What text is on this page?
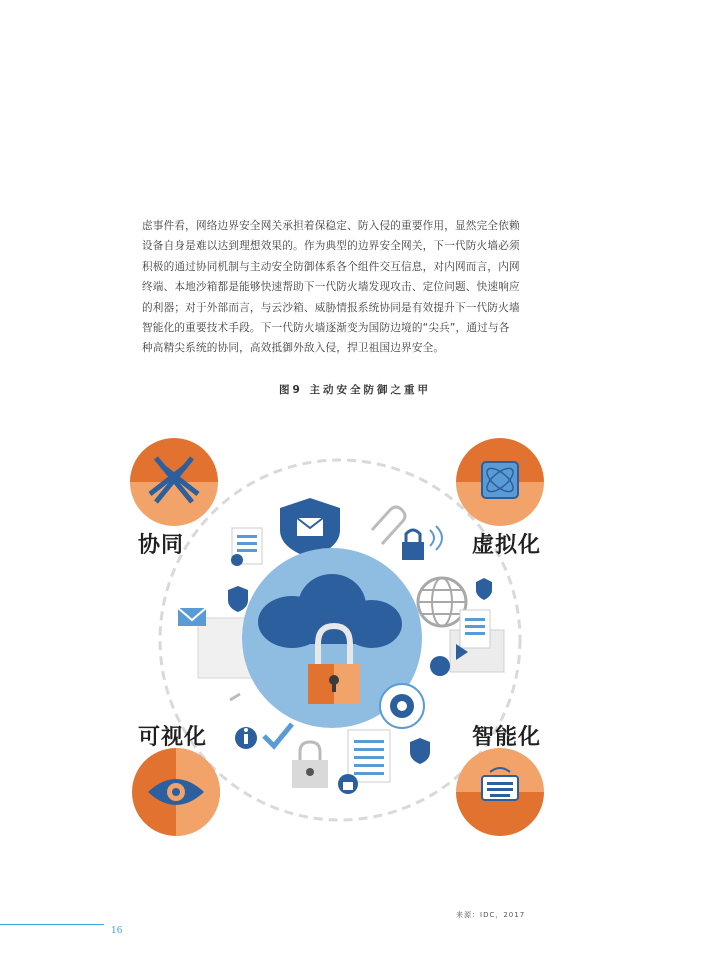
虑事件看，网络边界安全网关承担着保稳定、防入侵的重要作用，显然完全依赖
设备自身是难以达到理想效果的。作为典型的边界安全网关，下一代防火墙必须
积极的通过协同机制与主动安全防御体系各个组件交互信息，对内网而言，内网
终端、本地沙箱都是能够快速帮助下一代防火墙发现攻击、定位问题、快速响应
的利器；对于外部而言，与云沙箱、威胁情报系统协同是有效提升下一代防火墙
智能化的重要技术手段。下一代防火墙逐渐变为国防边境的“尖兵”，通过与各
种高精尖系统的协同，高效抵御外敌入侵，捍卫祖国边界安全。
图9 主动安全防御之重甲
协同	虚拟化
可视化	智能化
来源：IDC，2017
16
